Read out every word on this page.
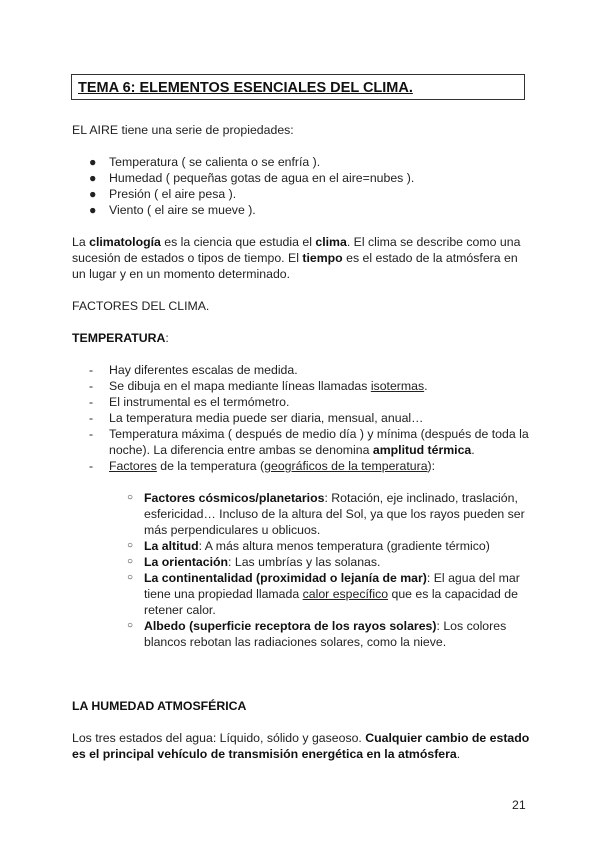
TEMA 6: ELEMENTOS ESENCIALES DEL CLIMA.

EL AIRE tiene una serie de propiedades:

● Temperatura ( se calienta o se enfría ).
● Humedad ( pequeñas gotas de agua en el aire=nubes ).
● Presión ( el aire pesa ).
● Viento ( el aire se mueve ).

La climatología es la ciencia que estudia el clima. El clima se describe como una sucesión de estados o tipos de tiempo. El tiempo es el estado de la atmósfera en un lugar y en un momento determinado.

FACTORES DEL CLIMA.

TEMPERATURA:

- Hay diferentes escalas de medida.
- Se dibuja en el mapa mediante líneas llamadas isotermas.
- El instrumental es el termómetro.
- La temperatura media puede ser diaria, mensual, anual…
- Temperatura máxima ( después de medio día ) y mínima (después de toda la noche). La diferencia entre ambas se denomina amplitud térmica.
- Factores de la temperatura (geográficos de la temperatura):
○ Factores cósmicos/planetarios: Rotación, eje inclinado, traslación, esfericidad… Incluso de la altura del Sol, ya que los rayos pueden ser más perpendiculares u oblicuos.
○ La altitud: A más altura menos temperatura (gradiente térmico)
○ La orientación: Las umbrías y las solanas.
○ La continentalidad (proximidad o lejanía de mar): El agua del mar tiene una propiedad llamada calor específico que es la capacidad de retener calor.
○ Albedo (superficie receptora de los rayos solares): Los colores blancos rebotan las radiaciones solares, como la nieve.

LA HUMEDAD ATMOSFÉRICA

Los tres estados del agua: Líquido, sólido y gaseoso. Cualquier cambio de estado es el principal vehículo de transmisión energética en la atmósfera.

21
